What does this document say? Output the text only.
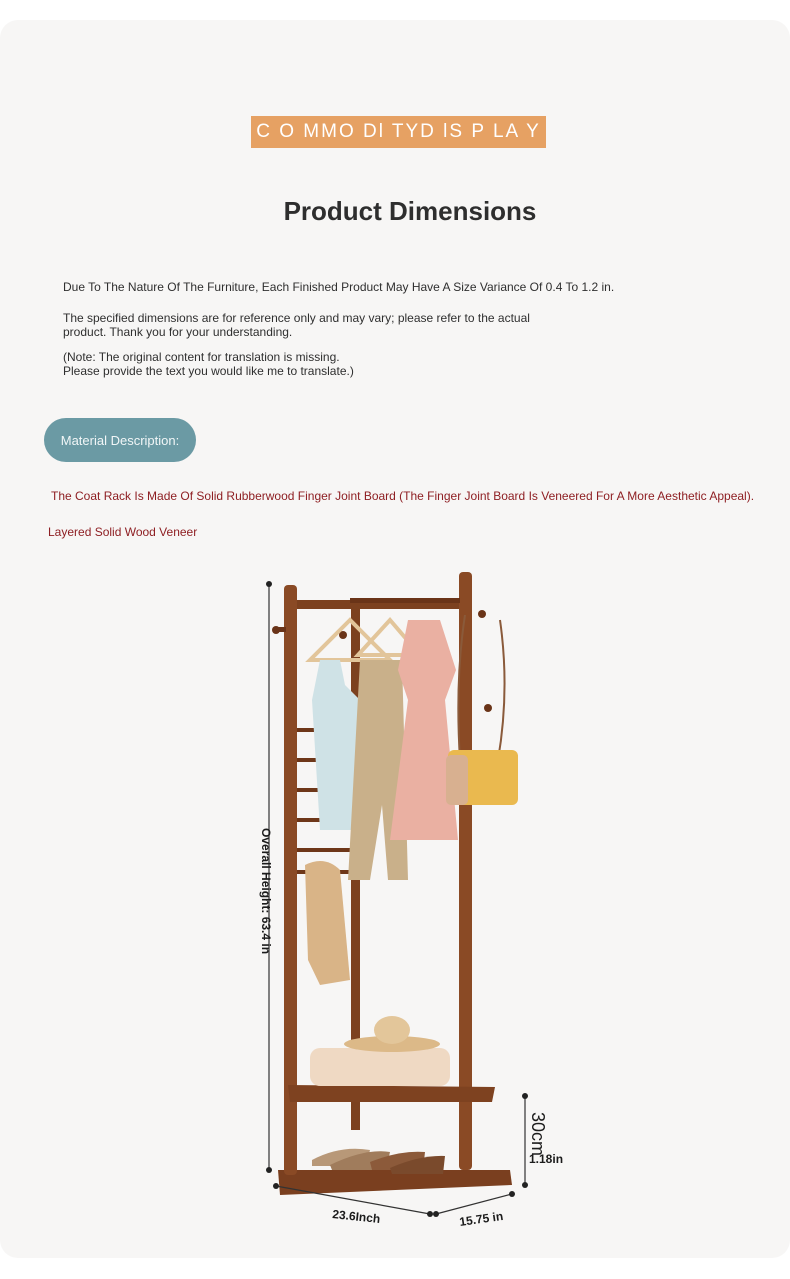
C O MMO Dl TYD lS P LA Y
Product Dimensions
Due To The Nature Of The Furniture, Each Finished Product May Have A Size Variance Of 0.4 To 1.2 in.
The specified dimensions are for reference only and may vary; please refer to the actual
product. Thank you for your understanding.
(Note: The original content for translation is missing.
Please provide the text you would like me to translate.)
Material Description:
The Coat Rack Is Made Of Solid Rubberwood Finger Joint Board (The Finger Joint Board Is Veneered For A More Aesthetic Appeal).
Layered Solid Wood Veneer
Overall Height: 63.4 in
23.6Inch	15.75 in
30cm
1.18in
